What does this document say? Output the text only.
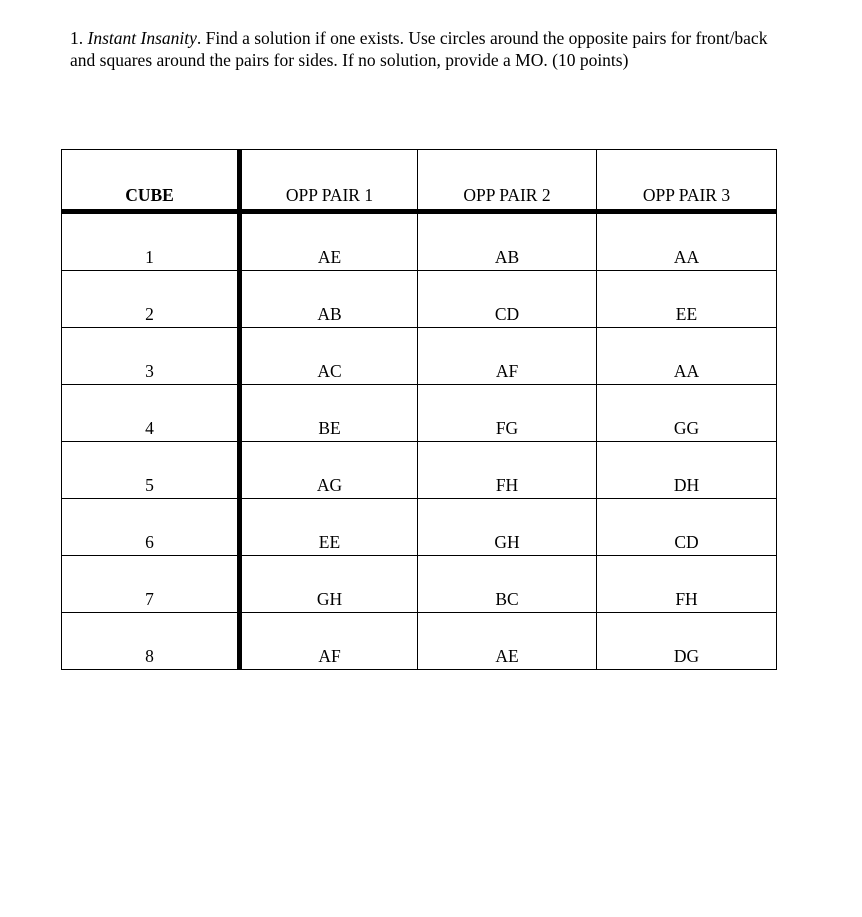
1. Instant Insanity. Find a solution if one exists. Use circles around the opposite pairs for front/back and squares around the pairs for sides. If no solution, provide a MO. (10 points)
CUBE	OPP PAIR 1	OPP PAIR 2	OPP PAIR 3
1	AE	AB	AA
2	AB	CD	EE
3	AC	AF	AA
4	BE	FG	GG
5	AG	FH	DH
6	EE	GH	CD
7	GH	BC	FH
8	AF	AE	DG
